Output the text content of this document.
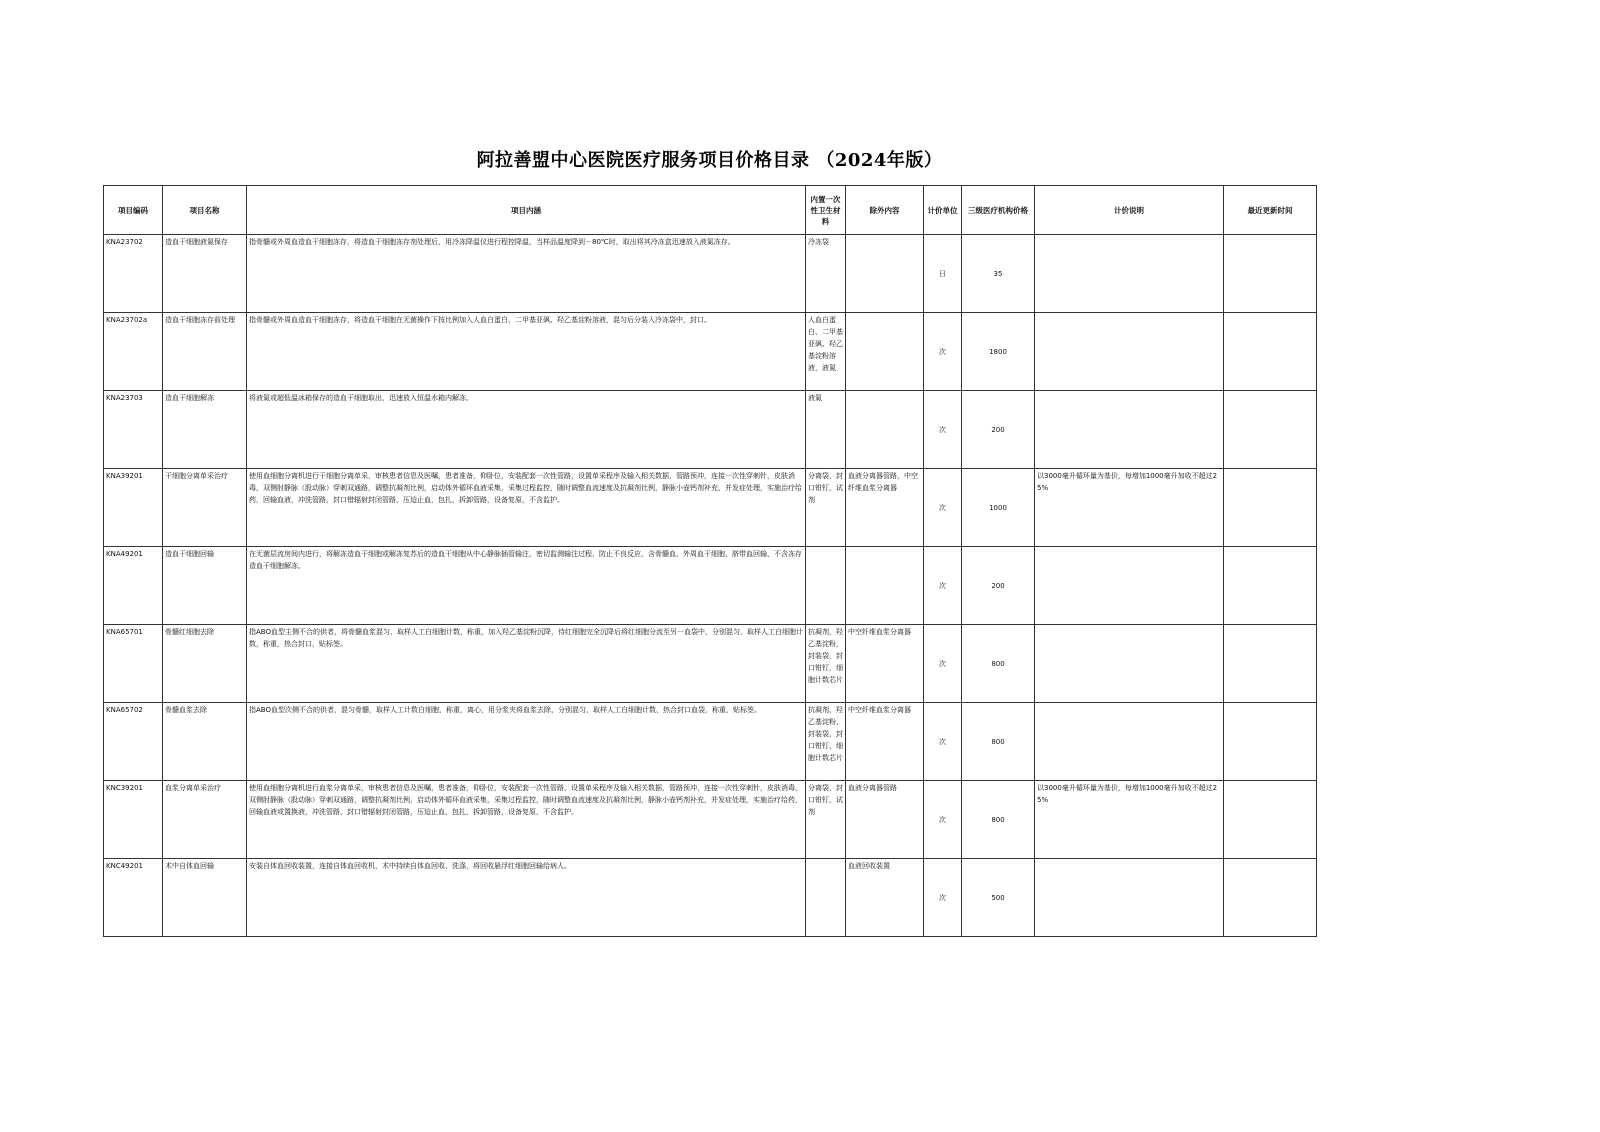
阿拉善盟中心医院医疗服务项目价格目录 （2024年版）
项目编码	项目名称	项目内涵	内置一次性卫生材料	除外内容	计价单位	三级医疗机构价格	计价说明	最近更新时间
KNA23702	造血干细胞液氮保存	指骨髓或外周血造血干细胞冻存，将造血干细胞冻存剂处理后，用冷冻降温仪进行程控降温，当样品温度降到－80℃时，取出将其冷冻盒迅速放入液氮冻存。	冷冻袋		日	35		
KNA23702a	造血干细胞冻存前处理	指骨髓或外周血造血干细胞冻存，将造血干细胞在无菌操作下按比例加入人血白蛋白、二甲基亚砜、羟乙基淀粉溶液，混匀后分装入冷冻袋中，封口。	人血白蛋白、二甲基亚砜、羟乙基淀粉溶液，液氮		次	1800		
KNA23703	造血干细胞解冻	将液氮或超低温冰箱保存的造血干细胞取出，迅速放入恒温水箱内解冻。	液氮		次	200		
KNA39201	干细胞分离单采治疗	使用血细胞分离机进行干细胞分离单采，审核患者信息及医嘱，患者准备，仰卧位，安装配套一次性管路，设置单采程序及输入相关数据，管路预冲，连接一次性穿刺针，皮肤消毒，双侧肘静脉（股动脉）穿刺双通路，调整抗凝剂比例，启动体外循环血液采集，采集过程监控，随时调整血流速度及抗凝剂比例，静脉小壶钙剂补充，并发症处理，实施治疗给药，回输血液，冲洗管路，封口错辐射封闭管路，压迫止血，包扎，拆卸管路，设备复原，不含监护。	分离袋，封口钳钉，试剂	血液分离器管路，中空纤维血浆分离器	次	1000	以3000毫升循环量为基价，每增加1000毫升加收不超过25%	
KNA49201	造血干细胞回输	在无菌层流房间内进行，将解冻造血干细胞或解冻复苏后的造血干细胞从中心静脉插管输注，密切监测输注过程，防止不良反应，含骨髓血、外周血干细胞、脐带血回输，不含冻存造血干细胞解冻。			次	200		
KNA65701	骨髓红细胞去除	指ABO血型主侧不合的供者，将骨髓血浆混匀，取样人工白细胞计数，称重，加入羟乙基淀粉沉降，待红细胞完全沉降后将红细胞分流至另一血袋中，分别混匀，取样人工白细胞计数，称重，热合封口，贴标签。	抗凝剂，羟乙基淀粉，封装袋，封口钳钉，细胞计数芯片	中空纤维血浆分离器	次	800		
KNA65702	骨髓血浆去除	指ABO血型次侧不合的供者，混匀骨髓，取样人工计数白细胞，称重，离心，用分浆夹将血浆去除，分别混匀，取样人工白细胞计数，热合封口血袋，称重，贴标签。	抗凝剂，羟乙基淀粉，封装袋，封口钳钉，细胞计数芯片	中空纤维血浆分离器	次	800		
KNC39201	血浆分离单采治疗	使用血细胞分离机进行血浆分离单采，审核患者信息及医嘱，患者准备，仰卧位，安装配套一次性管路，设置单采程序及输入相关数据，管路预冲，连接一次性穿刺针，皮肤消毒，双侧肘静脉（股动脉）穿刺双通路，调整抗凝剂比例，启动体外循环血液采集，采集过程监控，随时调整血流速度及抗凝剂比例，静脉小壶钙剂补充，并发症处理，实施治疗给药，回输血液或置换液，冲洗管路，封口错辐射封闭管路，压迫止血，包扎，拆卸管路，设备复原，不含监护。	分离袋，封口钳钉，试剂	血液分离器管路	次	800	以3000毫升循环量为基价，每增加1000毫升加收不超过25%	
KNC49201	术中自体血回输	安装自体血回收装置，连接自体血回收机，术中持续自体血回收、洗涤，将回收悬浮红细胞回输给病人。		血液回收装置	次	500		
